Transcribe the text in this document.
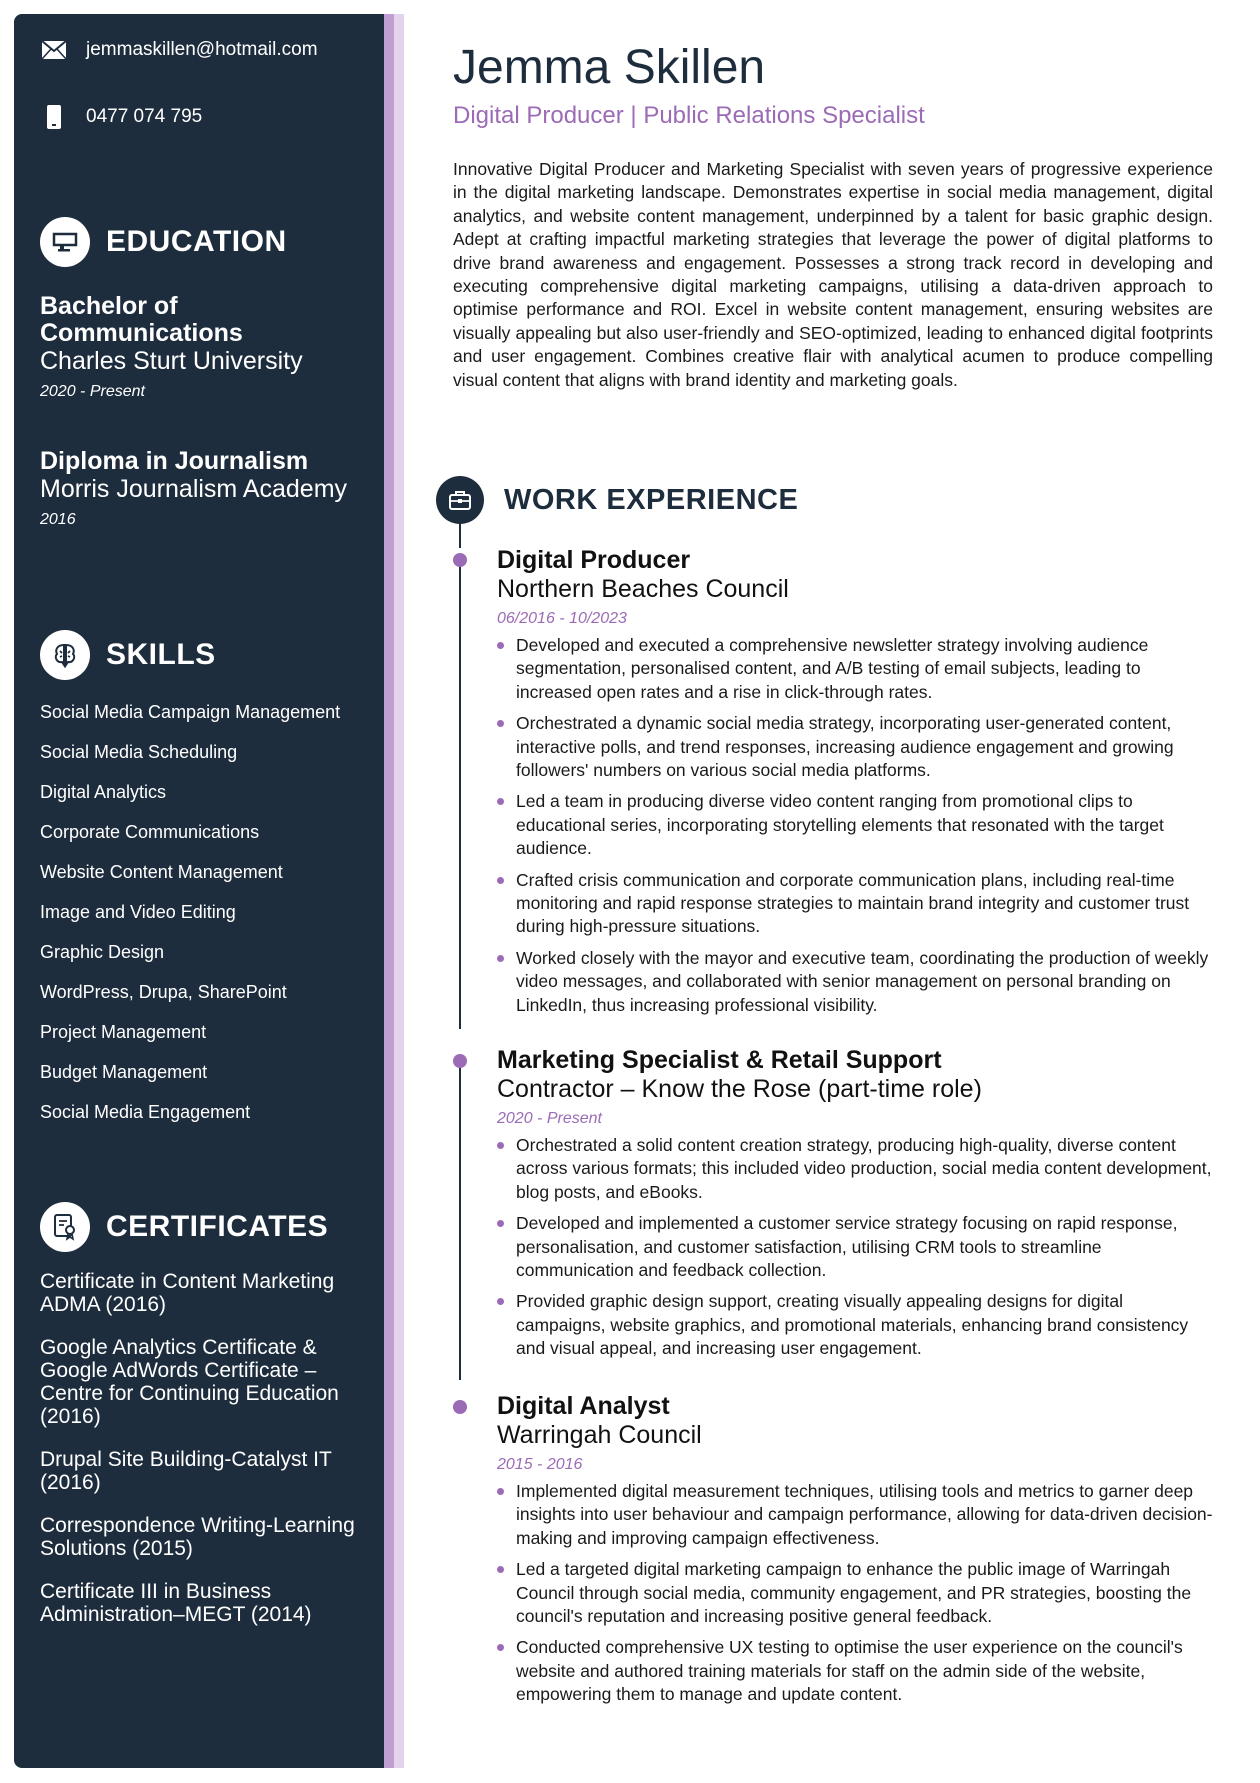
jemmaskillen@hotmail.com
0477 074 795
EDUCATION
Bachelor of Communications
Charles Sturt University
2020 - Present
Diploma in Journalism
Morris Journalism Academy
2016
SKILLS
Social Media Campaign Management
Social Media Scheduling
Digital Analytics
Corporate Communications
Website Content Management
Image and Video Editing
Graphic Design
WordPress, Drupa, SharePoint
Project Management
Budget Management
Social Media Engagement
CERTIFICATES
Certificate in Content Marketing ADMA (2016)
Google Analytics Certificate & Google AdWords Certificate – Centre for Continuing Education (2016)
Drupal Site Building-Catalyst IT (2016)
Correspondence Writing-Learning Solutions (2015)
Certificate III in Business Administration–MEGT (2014)
Jemma Skillen
Digital Producer | Public Relations Specialist
Innovative Digital Producer and Marketing Specialist with seven years of progressive experience in the digital marketing landscape. Demonstrates expertise in social media management, digital analytics, and website content management, underpinned by a talent for basic graphic design. Adept at crafting impactful marketing strategies that leverage the power of digital platforms to drive brand awareness and engagement. Possesses a strong track record in developing and executing comprehensive digital marketing campaigns, utilising a data-driven approach to optimise performance and ROI. Excel in website content management, ensuring websites are visually appealing but also user-friendly and SEO-optimized, leading to enhanced digital footprints and user engagement. Combines creative flair with analytical acumen to produce compelling visual content that aligns with brand identity and marketing goals.
WORK EXPERIENCE
Digital Producer
Northern Beaches Council
06/2016 - 10/2023
Developed and executed a comprehensive newsletter strategy involving audience segmentation, personalised content, and A/B testing of email subjects, leading to increased open rates and a rise in click-through rates.
Orchestrated a dynamic social media strategy, incorporating user-generated content, interactive polls, and trend responses, increasing audience engagement and growing followers' numbers on various social media platforms.
Led a team in producing diverse video content ranging from promotional clips to educational series, incorporating storytelling elements that resonated with the target audience.
Crafted crisis communication and corporate communication plans, including real-time monitoring and rapid response strategies to maintain brand integrity and customer trust during high-pressure situations.
Worked closely with the mayor and executive team, coordinating the production of weekly video messages, and collaborated with senior management on personal branding on LinkedIn, thus increasing professional visibility.
Marketing Specialist & Retail Support
Contractor – Know the Rose (part-time role)
2020 - Present
Orchestrated a solid content creation strategy, producing high-quality, diverse content across various formats; this included video production, social media content development, blog posts, and eBooks.
Developed and implemented a customer service strategy focusing on rapid response, personalisation, and customer satisfaction, utilising CRM tools to streamline communication and feedback collection.
Provided graphic design support, creating visually appealing designs for digital campaigns, website graphics, and promotional materials, enhancing brand consistency and visual appeal, and increasing user engagement.
Digital Analyst
Warringah Council
2015 - 2016
Implemented digital measurement techniques, utilising tools and metrics to garner deep insights into user behaviour and campaign performance, allowing for data-driven decision-making and improving campaign effectiveness.
Led a targeted digital marketing campaign to enhance the public image of Warringah Council through social media, community engagement, and PR strategies, boosting the council's reputation and increasing positive general feedback.
Conducted comprehensive UX testing to optimise the user experience on the council's website and authored training materials for staff on the admin side of the website, empowering them to manage and update content.
